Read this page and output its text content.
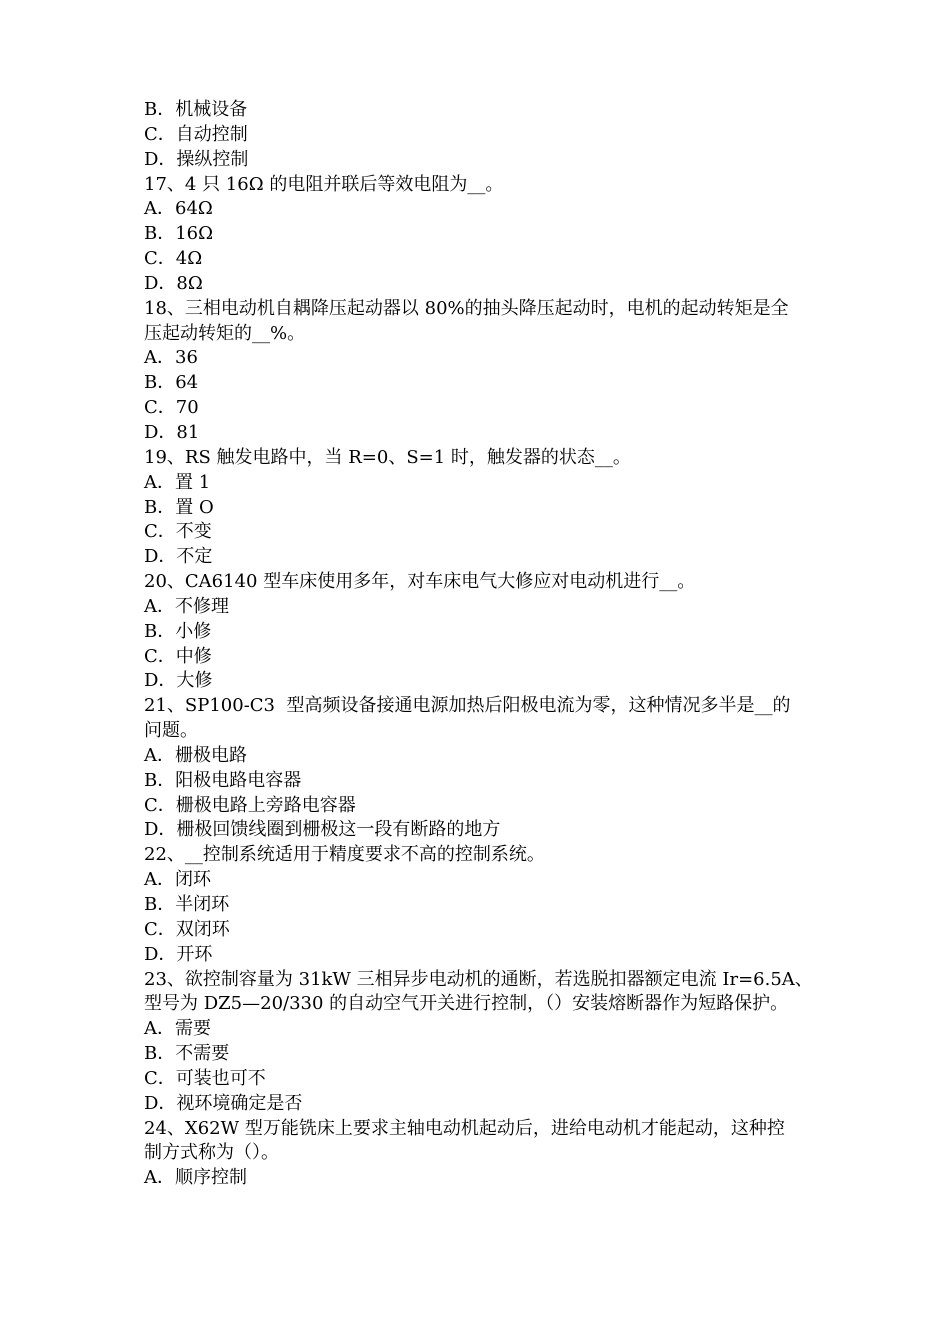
B．机械设备

C．自动控制

D．操纵控制

17、4 只 16Ω 的电阻并联后等效电阻为__。

A．64Ω

B．16Ω

C．4Ω

D．8Ω

18、三相电动机自耦降压起动器以 80%的抽头降压起动时，电机的起动转矩是全

压起动转矩的__%。

A．36

B．64

C．70

D．81

19、RS 触发电路中，当 R=0、S=1 时，触发器的状态__。

A．置 1

B．置 O

C．不变

D．不定

20、CA6140 型车床使用多年，对车床电气大修应对电动机进行__。

A．不修理

B．小修

C．中修

D．大修

21、SP100-C3  型高频设备接通电源加热后阳极电流为零，这种情况多半是__的

问题。

A．栅极电路

B．阳极电路电容器

C．栅极电路上旁路电容器

D．栅极回馈线圈到栅极这一段有断路的地方

22、__控制系统适用于精度要求不高的控制系统。

A．闭环

B．半闭环

C．双闭环

D．开环

23、欲控制容量为 31kW 三相异步电动机的通断，若选脱扣器额定电流 Ir=6.5A、

型号为 DZ5—20/330 的自动空气开关进行控制，（）安装熔断器作为短路保护。

A．需要

B．不需要

C．可装也可不

D．视环境确定是否

24、X62W 型万能铣床上要求主轴电动机起动后，进给电动机才能起动，这种控

制方式称为（）。

A．顺序控制
